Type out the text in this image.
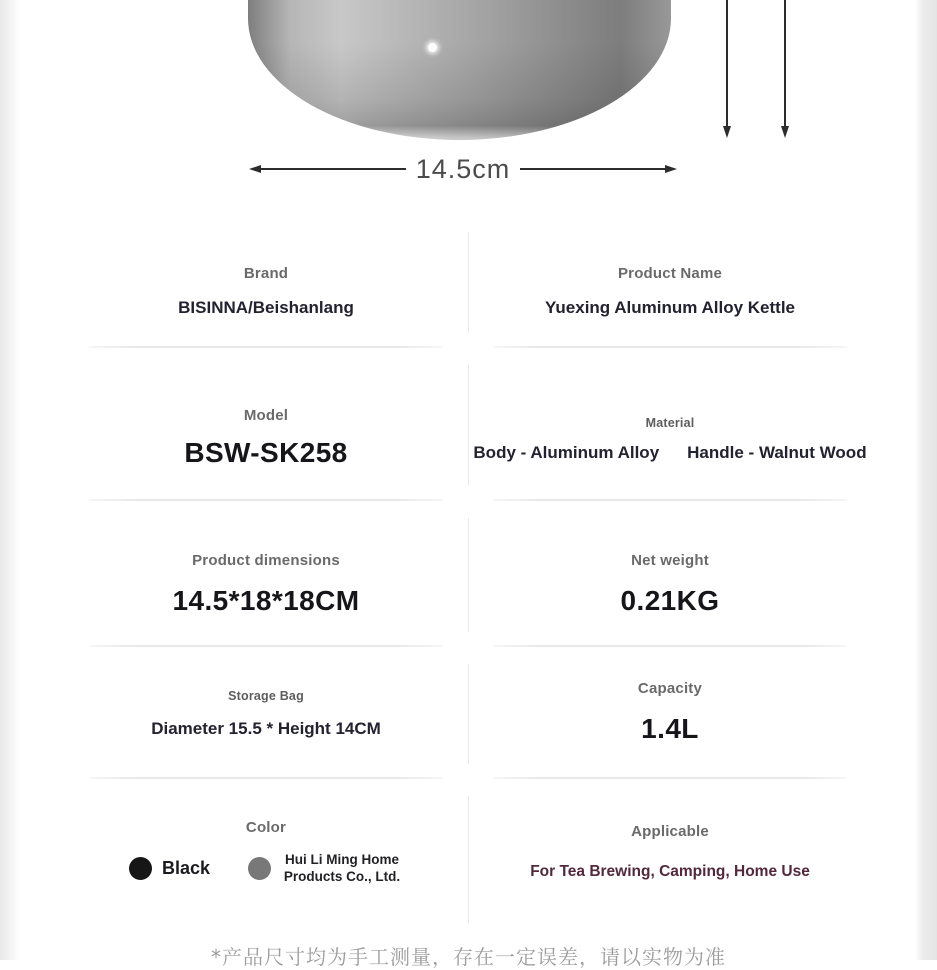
14.5cm
Brand
BISINNA/Beishanlang
Product Name
Yuexing Aluminum Alloy Kettle
Model
BSW-SK258
Material
Body - Aluminum Alloy Handle - Walnut Wood
Product dimensions
14.5*18*18CM
Net weight
0.21KG
Storage Bag
Diameter 15.5 * Height 14CM
Capacity
1.4L
Color
Black	Hui Li Ming Home Products Co., Ltd.
Applicable
For Tea Brewing, Camping, Home Use
*产品尺寸均为手工测量，存在一定误差，请以实物为准
